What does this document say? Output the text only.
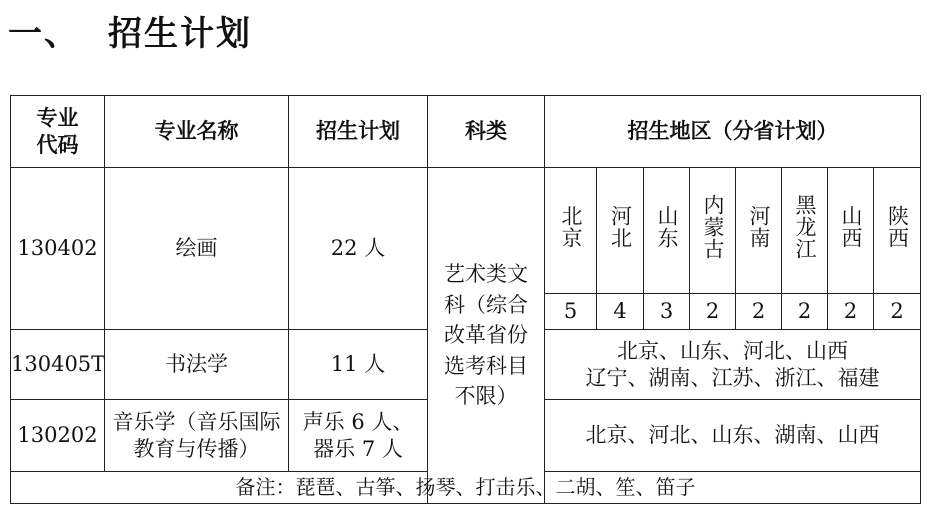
一、 招生计划
专业代码	专业名称	招生计划	科类	招生地区（分省计划）							
130402	绘画	22 人	艺术类文科（综合改革省份选考科目不限）	北京	河北	山东	内蒙古	河南	黑龙江	山西	陕西
				5	4	3	2	2	2	2	2
130405T	书法学	11 人		北京、山东、河北、山西
辽宁、湖南、江苏、浙江、福建							

130202	音乐学（音乐国际教育与传播）	声乐 6 人、器乐 7 人		北京、河北、山东、湖南、山西							
备注：琵琶、古筝、扬琴、打击乐、二胡、笙、笛子											
